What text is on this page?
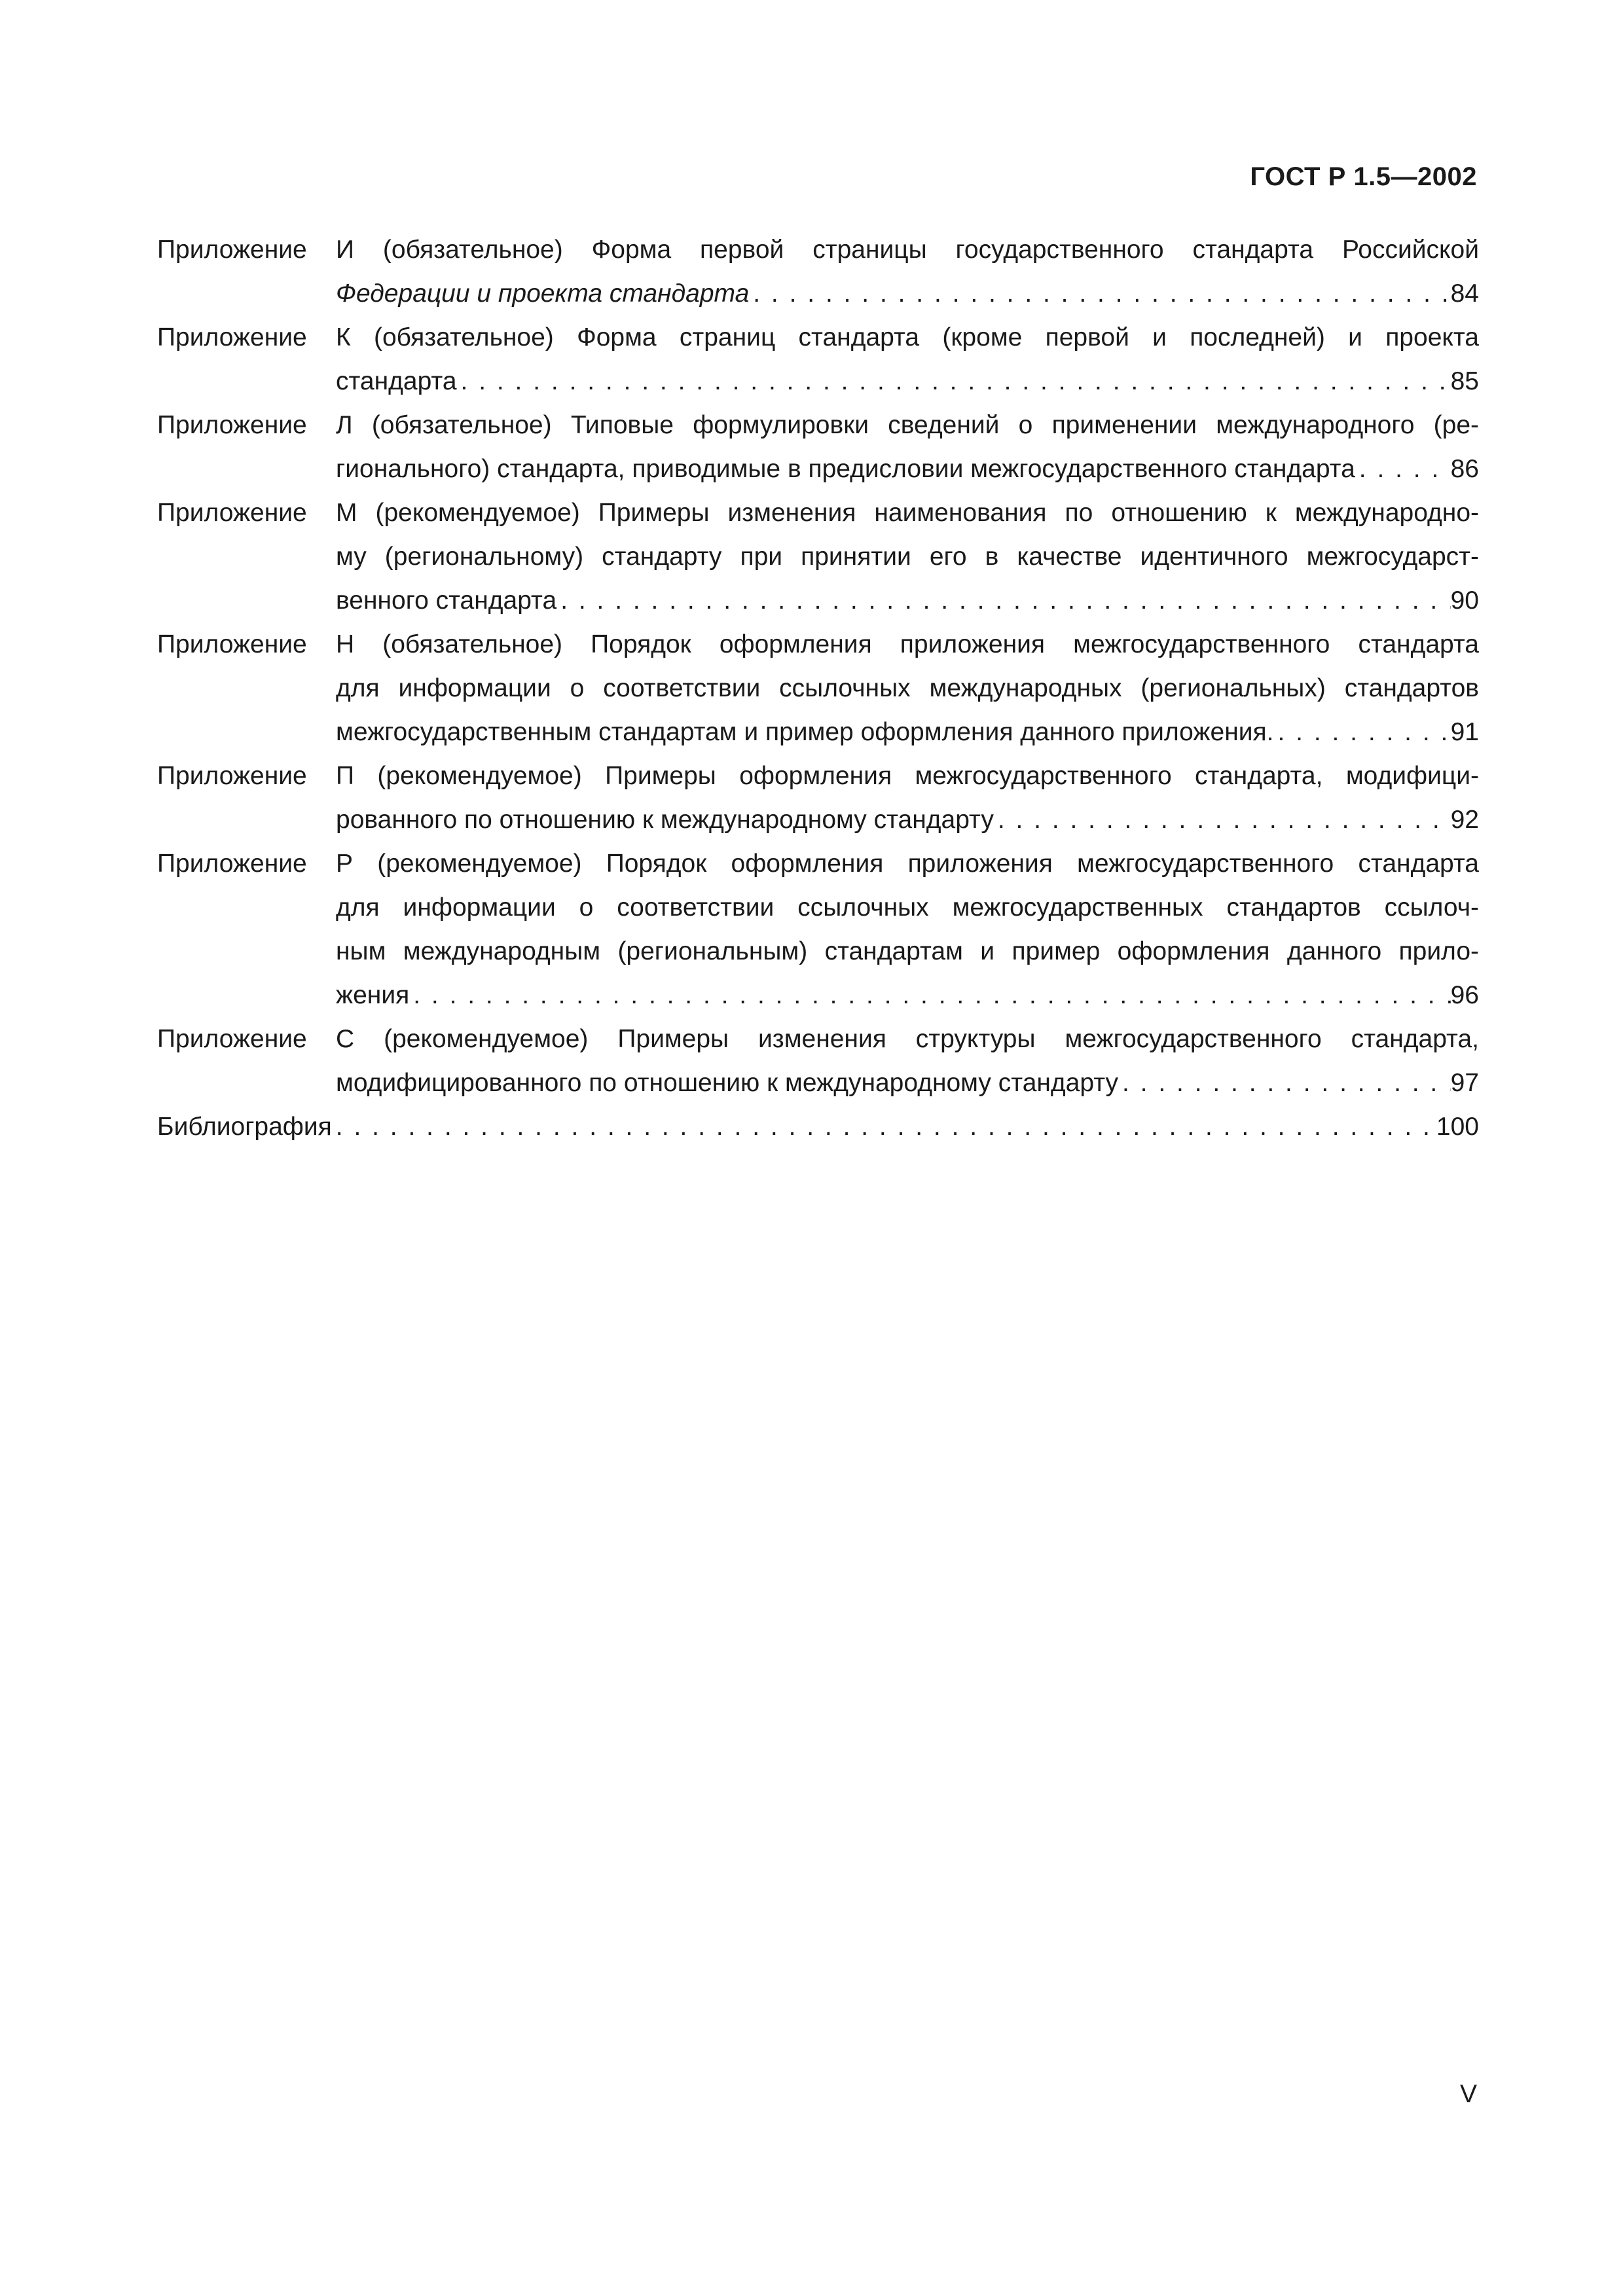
ГОСТ Р 1.5—2002
Приложение	И (обязательное) Форма первой страницы государственного стандарта Российской
Федерации и проекта стандарта . . .	84
Приложение	К (обязательное) Форма страниц стандарта (кроме первой и последней) и проекта
стандарта . . .	85
Приложение	Л (обязательное) Типовые формулировки сведений о применении международного (ре-
гионального) стандарта, приводимые в предисловии межгосударственного стандарта . . .	86
Приложение	М (рекомендуемое) Примеры изменения наименования по отношению к международно-
му (региональному) стандарту при принятии его в качестве идентичного межгосударст-
венного стандарта . . .	90
Приложение	Н (обязательное) Порядок оформления приложения межгосударственного стандарта
для информации о соответствии ссылочных международных (региональных) стандартов
межгосударственным стандартам и пример оформления данного приложения. . . .	91
Приложение	П (рекомендуемое) Примеры оформления межгосударственного стандарта, модифици-
рованного по отношению к международному стандарту . . .	92
Приложение	Р (рекомендуемое) Порядок оформления приложения межгосударственного стандарта
для информации о соответствии ссылочных межгосударственных стандартов ссылоч-
ным международным (региональным) стандартам и пример оформления данного прило-
жения . . .	96
Приложение	С (рекомендуемое) Примеры изменения структуры межгосударственного стандарта,
модифицированного по отношению к международному стандарту . . .	97
Библиография . . .	100
V
